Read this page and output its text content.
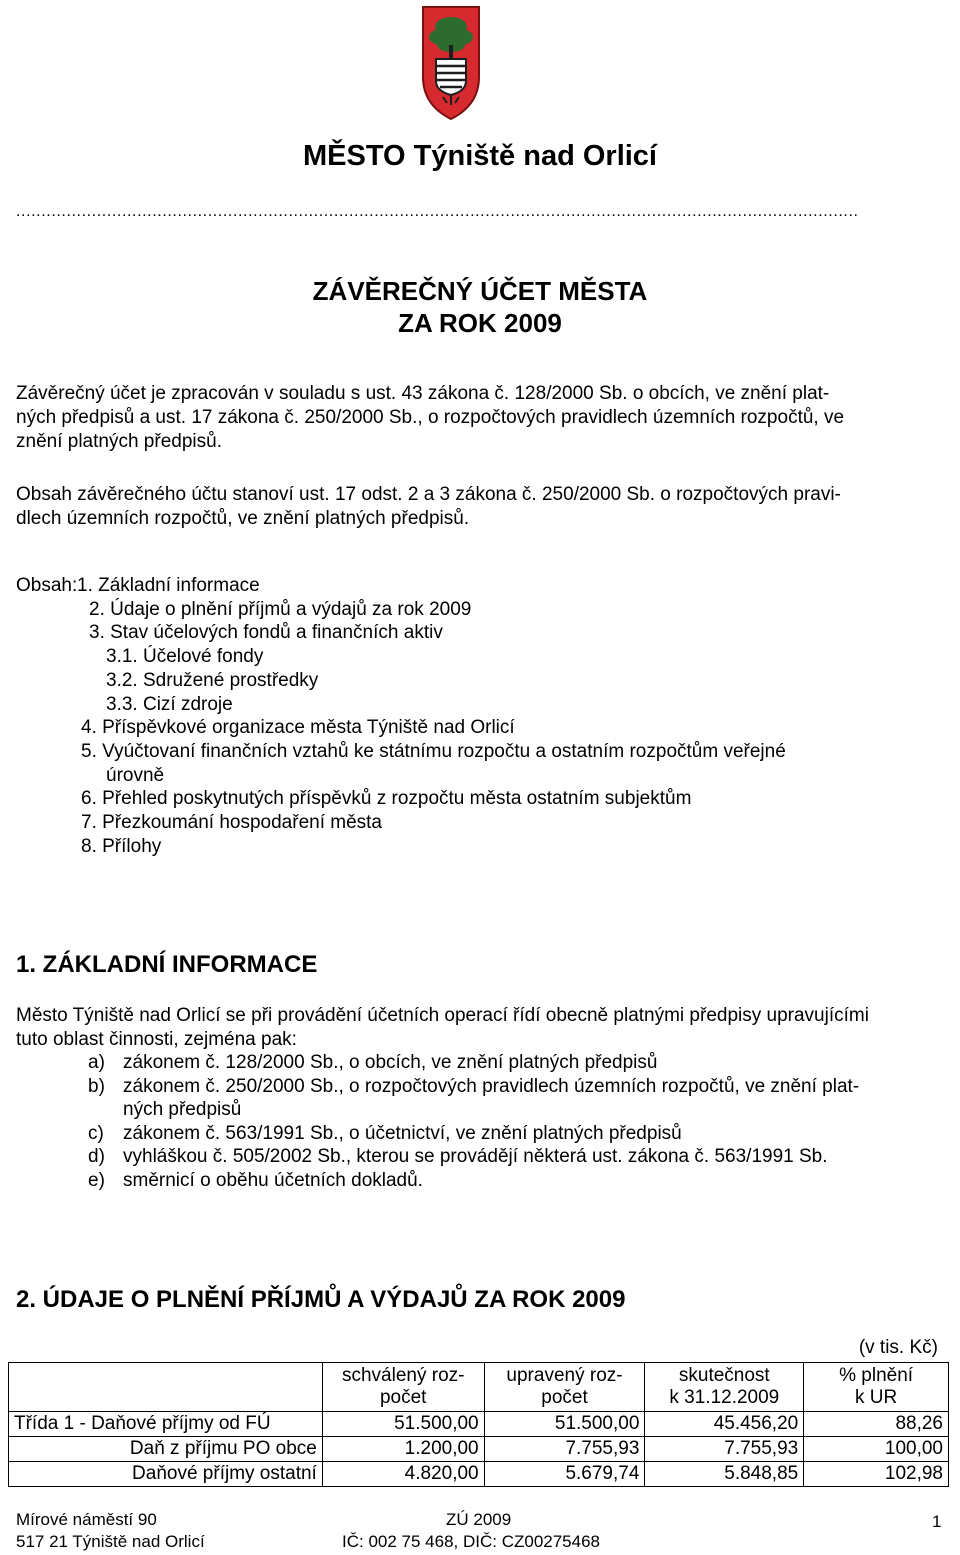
MĚSTO Týniště nad Orlicí
.......................................................................................................................................................................
ZÁVĚREČNÝ ÚČET MĚSTA
ZA ROK 2009
Závěrečný účet je zpracován v souladu s ust. 43 zákona č. 128/2000 Sb. o obcích, ve znění plat-
ných předpisů a ust. 17 zákona č. 250/2000 Sb., o rozpočtových pravidlech územních rozpočtů, ve
znění platných předpisů.
Obsah závěrečného účtu stanoví ust. 17 odst. 2 a 3 zákona č. 250/2000 Sb. o rozpočtových pravi-
dlech územních rozpočtů, ve znění platných předpisů.
Obsah: 1. Základní informace
2. Údaje o plnění příjmů a výdajů za rok 2009
3. Stav účelových fondů a finančních aktiv
3.1. Účelové fondy
3.2. Sdružené prostředky
3.3. Cizí zdroje
4. Příspěvkové organizace města Týniště nad Orlicí
5. Vyúčtovaní finančních vztahů ke státnímu rozpočtu a ostatním rozpočtům veřejné
úrovně
6. Přehled poskytnutých příspěvků z rozpočtu města ostatním subjektům
7. Přezkoumání hospodaření města
8. Přílohy
1. ZÁKLADNÍ INFORMACE
Město Týniště nad Orlicí se při provádění účetních operací řídí obecně platnými předpisy upravujícími
tuto oblast činnosti, zejména pak:
a) zákonem č. 128/2000 Sb., o obcích, ve znění platných předpisů
b) zákonem č. 250/2000 Sb., o rozpočtových pravidlech územních rozpočtů, ve znění plat-
ných předpisů
c) zákonem č. 563/1991 Sb., o účetnictví, ve znění platných předpisů
d) vyhláškou č. 505/2002 Sb., kterou se provádějí některá ust. zákona č. 563/1991 Sb.
e) směrnicí o oběhu účetních dokladů.
2. ÚDAJE O PLNĚNÍ PŘÍJMŮ A VÝDAJŮ ZA ROK 2009
(v tis. Kč)
	schválený roz-
počet	upravený roz-
počet	skutečnost
k 31.12.2009	% plnění
k UR
Třída 1 - Daňové příjmy od FÚ	51.500,00	51.500,00	45.456,20	88,26
Daň z příjmu PO obce	1.200,00	7.755,93	7.755,93	100,00
Daňové příjmy ostatní	4.820,00	5.679,74	5.848,85	102,98
Mírové náměstí 90
517 21 Týniště nad Orlicí
ZÚ 2009
IČ: 002 75 468, DIČ: CZ00275468
1
